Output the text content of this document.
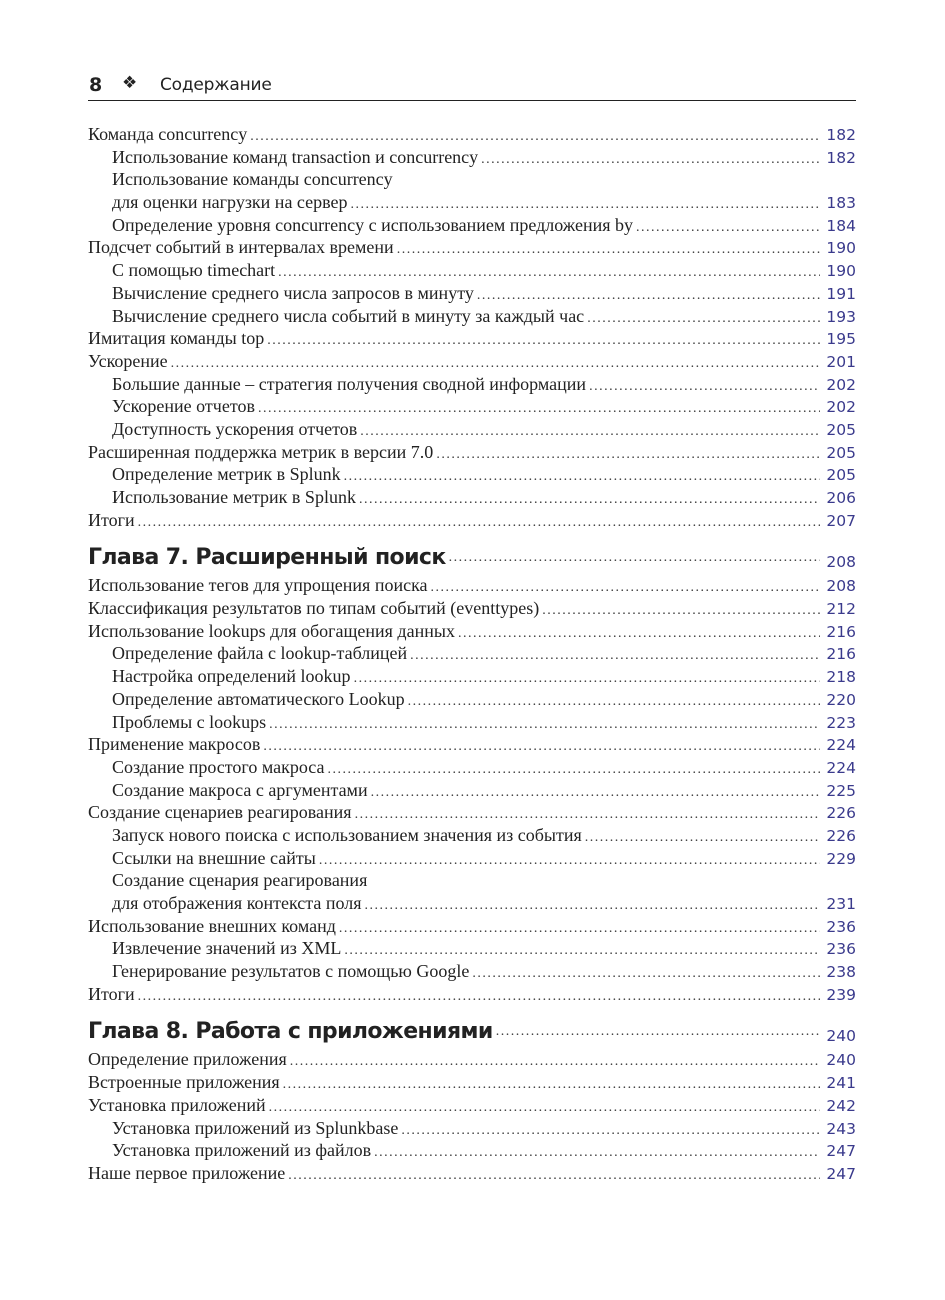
8 ❖ Содержание
Команда concurrency .....	182
Использование команд transaction и concurrency .....	182
Использование команды concurrency
для оценки нагрузки на сервер .....	183
Определение уровня concurrency с использованием предложения by .....	184
Подсчет событий в интервалах времени .....	190
С помощью timechart .....	190
Вычисление среднего числа запросов в минуту .....	191
Вычисление среднего числа событий в минуту за каждый час .....	193
Имитация команды top .....	195
Ускорение .....	201
Большие данные – стратегия получения сводной информации .....	202
Ускорение отчетов .....	202
Доступность ускорения отчетов .....	205
Расширенная поддержка метрик в версии 7.0 .....	205
Определение метрик в Splunk .....	205
Использование метрик в Splunk .....	206
Итоги .....	207
Глава 7. Расширенный поиск .....	208
Использование тегов для упрощения поиска .....	208
Классификация результатов по типам событий (eventtypes) .....	212
Использование lookups для обогащения данных .....	216
Определение файла с lookup-таблицей .....	216
Настройка определений lookup .....	218
Определение автоматического Lookup .....	220
Проблемы с lookups .....	223
Применение макросов .....	224
Создание простого макроса .....	224
Создание макроса с аргументами .....	225
Создание сценариев реагирования .....	226
Запуск нового поиска с использованием значения из события .....	226
Ссылки на внешние сайты .....	229
Создание сценария реагирования
для отображения контекста поля .....	231
Использование внешних команд .....	236
Извлечение значений из XML .....	236
Генерирование результатов с помощью Google .....	238
Итоги .....	239
Глава 8. Работа с приложениями .....	240
Определение приложения .....	240
Встроенные приложения .....	241
Установка приложений .....	242
Установка приложений из Splunkbase .....	243
Установка приложений из файлов .....	247
Наше первое приложение .....	247
